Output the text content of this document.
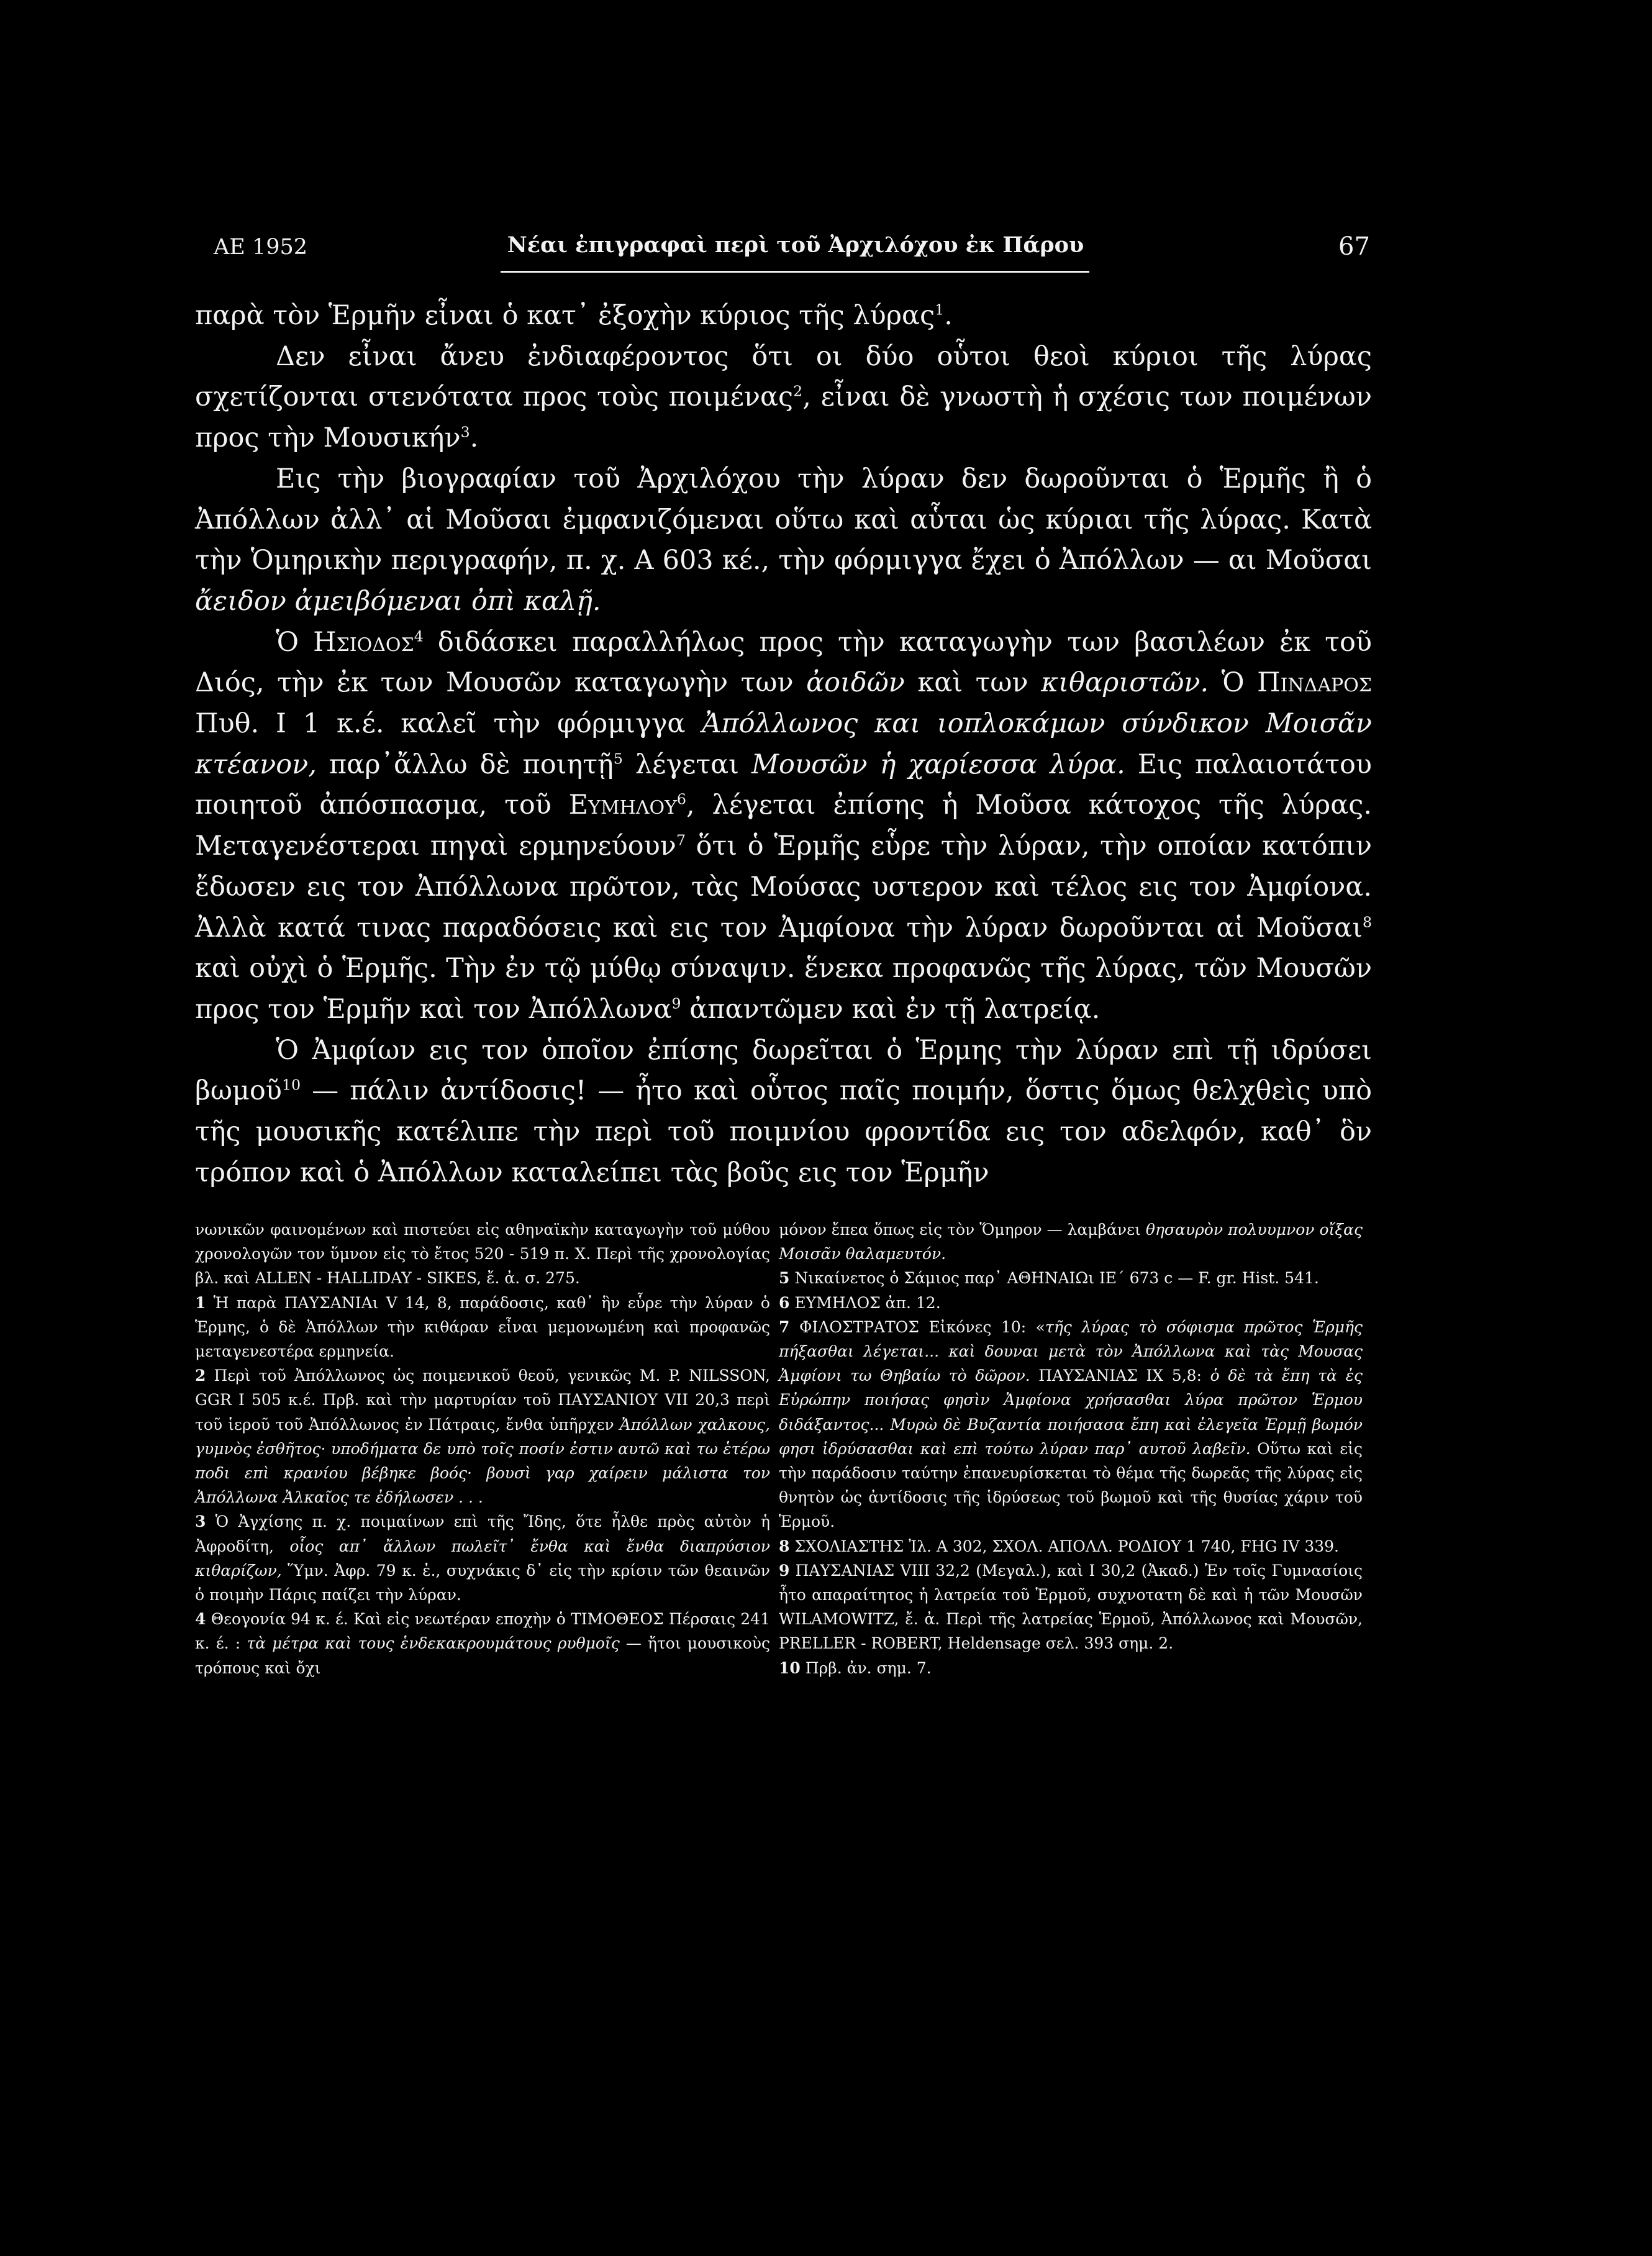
ΑΕ 1952	Νέαι ἐπιγραφαὶ περὶ τοῦ Ἀρχιλόχου ἐκ Πάρου	67

παρὰ τὸν Ἑρμῆν εἶναι ὁ κατ᾽ ἐξοχὴν κύριος τῆς λύρας$^1$.

Δεν εἶναι ἄνευ ἐνδιαφέροντος ὅτι οι δύο οὗτοι θεοὶ κύριοι τῆς λύρας σχετίζονται στενότατα προς τοὺς ποιμένας$^2$, εἶναι δὲ γνωστὴ ἡ σχέσις των ποιμένων προς τὴν Μουσικήν$^3$.

Εις τὴν βιογραφίαν τοῦ Ἀρχιλόχου τὴν λύραν δεν δωροῦνται ὁ Ἑρμῆς ἢ ὁ Ἀπόλλων ἀλλ᾽ αἱ Μοῦσαι ἐμφανιζόμεναι οὕτω καὶ αὗται ὡς κύριαι τῆς λύρας. Κατὰ τὴν Ὁμηρικὴν περιγραφήν, π. χ. Α 603 κέ., τὴν φόρμιγγα ἔχει ὁ Ἀπόλλων — αι Μοῦσαι ἄειδον ἀμειβόμεναι ὀπὶ καλῇ.

Ὁ Ησιοδος$^4$ διδάσκει παραλλήλως προς τὴν καταγωγὴν των βασιλέων ἐκ τοῦ Διός, τὴν ἐκ των Μουσῶν καταγωγὴν των ἀοιδῶν καὶ των κιθαριστῶν. Ὁ Πινδαρος Πυθ. Ι 1 κ.έ. καλεῖ τὴν φόρμιγγα Ἀπόλλωνος και ιοπλοκάμων σύνδικον Μοισᾶν κτέανον, παρ᾽ἄλλω δὲ ποιητῇ$^5$ λέγεται Μουσῶν ἡ χαρίεσσα λύρα. Εις παλαιοτάτου ποιητοῦ ἀπόσπασμα, τοῦ Ευμηλου$^6$, λέγεται ἐπίσης ἡ Μοῦσα κάτοχος τῆς λύρας. Μεταγενέστεραι πηγαὶ ερμηνεύουν$^7$ ὅτι ὁ Ἑρμῆς εὗρε τὴν λύραν, τὴν οποίαν κατόπιν ἔδωσεν εις τον Ἀπόλλωνα πρῶτον, τὰς Μούσας υστερον καὶ τέλος εις τον Ἀμφίονα. Ἀλλὰ κατά τινας παραδόσεις καὶ εις τον Ἀμφίονα τὴν λύραν δωροῦνται αἱ Μοῦσαι$^8$ καὶ οὐχὶ ὁ Ἑρμῆς. Τὴν ἐν τῷ μύθῳ σύναψιν. ἕνεκα προφανῶς τῆς λύρας, τῶν Μουσῶν προς τον Ἑρμῆν καὶ τον Ἀπόλλωνα$^9$ ἀπαντῶμεν καὶ ἐν τῇ λατρείᾳ.

Ὁ Ἀμφίων εις τον ὁποῖον ἐπίσης δωρεῖται ὁ Ἑρμης τὴν λύραν επὶ τῇ ιδρύσει βωμοῦ$^{10}$ — πάλιν ἀντίδοσις! — ἦτο καὶ οὗτος παῖς ποιμήν, ὅστις ὅμως θελχθεὶς υπὸ τῆς μουσικῆς κατέλιπε τὴν περὶ τοῦ ποιμνίου φροντίδα εις τον αδελφόν, καθ᾽ ὃν τρόπον καὶ ὁ Ἀπόλλων καταλείπει τὰς βοῦς εις τον Ἑρμῆν

νωνικῶν φαινομένων καὶ πιστεύει εἰς αθηναϊκὴν καταγωγὴν τοῦ μύθου χρονολογῶν τον ὕμνον εἰς τὸ ἔτος 520 - 519 π. Χ. Περὶ τῆς χρονολογίας βλ. καὶ ALLEN - HALLIDAY - SIKES, ἔ. ἀ. σ. 275.

1 Ἡ παρὰ ΠΑΥΣΑΝΙΑι V 14, 8, παράδοσις, καθ᾽ ἣν εὗρε τὴν λύραν ὁ Ἑρμης, ὁ δὲ Ἀπόλλων τὴν κιθάραν εἶναι μεμονωμένη καὶ προφανῶς μεταγενεστέρα ερμηνεία.

2 Περὶ τοῦ Ἀπόλλωνος ὡς ποιμενικοῦ θεοῦ, γενικῶς Μ. P. NILSSON, GGR I 505 κ.έ. Πρβ. καὶ τὴν μαρτυρίαν τοῦ ΠΑΥΣΑΝΙΟΥ VII 20,3 περὶ τοῦ ἱεροῦ τοῦ Ἀπόλλωνος ἐν Πάτραις, ἔνθα ὑπῆρχεν Ἀπόλλων χαλκους, γυμνὸς ἐσθῆτος· υποδήματα δε υπὸ τοῖς ποσίν ἐστιν αυτῶ καὶ τω ἑτέρω ποδι επὶ κρανίου βέβηκε βοός· βουσὶ γαρ χαίρειν μάλιστα τον Ἀπόλλωνα Ἀλκαῖος τε ἐδήλωσεν . . .

3 Ὁ Ἀγχίσης π. χ. ποιμαίνων επὶ τῆς Ἴδης, ὅτε ἦλθε πρὸς αὐτὸν ἡ Ἀφροδίτη, οἷος απ᾽ ἄλλων πωλεῖτ᾽ ἔνθα καὶ ἔνθα διαπρύσιον κιθαρίζων, Ὕμν. Ἀφρ. 79 κ. ἑ., συχνάκις δ᾽ εἰς τὴν κρίσιν τῶν θεαινῶν ὁ ποιμὴν Πάρις παίζει τὴν λύραν.

4 Θεογονία 94 κ. έ. Καὶ εἰς νεωτέραν εποχὴν ὁ ΤΙΜΟΘΕΟΣ Πέρσαις 241 κ. έ. : τὰ μέτρα καὶ τους ἑνδεκακρουμάτους ρυθμοῖς — ἤτοι μουσικοὺς τρόπους καὶ ὄχι

μόνον ἔπεα ὅπως εἰς τὸν Ὅμηρον — λαμβάνει θησαυρὸν πολυυμνον οἴξας Μοισᾶν θαλαμευτόν.

5 Νικαίνετος ὁ Σάμιος παρ᾽ ΑΘΗΝΑΙΩι ΙΕ΄ 673 c — F. gr. Hist. 541.

6 ΕΥΜΗΛΟΣ ἀπ. 12.

7 ΦΙΛΟΣΤΡΑΤΟΣ Εἰκόνες 10: «τῆς λύρας τὸ σόφισμα πρῶτος Ἑρμῆς πήξασθαι λέγεται... καὶ δουναι μετὰ τὸν Ἀπόλλωνα καὶ τὰς Μουσας Ἀμφίονι τω Θηβαίω τὸ δῶρον. ΠΑΥΣΑΝΙΑΣ IX 5,8: ὁ δὲ τὰ ἔπη τὰ ἐς Εὐρώπην ποιήσας φησὶν Ἀμφίονα χρήσασθαι λύρα πρῶτον Ἑρμου διδάξαντος... Μυρὼ δὲ Βυζαντία ποιήσασα ἔπη καὶ ἐλεγεῖα Ἑρμῇ βωμόν φησι ἱδρύσασθαι καὶ επὶ τούτω λύραν παρ᾽ αυτοῦ λαβεῖν. Οὕτω καὶ εἰς τὴν παράδοσιν ταύτην ἐπανευρίσκεται τὸ θέμα τῆς δωρεᾶς τῆς λύρας εἰς θνητὸν ὡς ἀντίδοσις τῆς ἱδρύσεως τοῦ βωμοῦ καὶ τῆς θυσίας χάριν τοῦ Ἑρμοῦ.

8 ΣΧΟΛΙΑΣΤΗΣ Ἰλ. Α 302, ΣΧΟΛ. ΑΠΟΛΛ. ΡΟΔΙΟΥ 1 740, FHG IV 339.

9 ΠΑΥΣΑΝΙΑΣ VIII 32,2 (Μεγαλ.), καὶ I 30,2 (Ἀκαδ.) Ἐν τοῖς Γυμνασίοις ἦτο απαραίτητος ἡ λατρεία τοῦ Ἑρμοῦ, συχνοτατη δὲ καὶ ἡ τῶν Μουσῶν WILAMOWITZ, ἔ. ἀ. Περὶ τῆς λατρείας Ἑρμοῦ, Ἀπόλλωνος καὶ Μουσῶν, PRELLER - ROBERT, Heldensage σελ. 393 σημ. 2.

10 Πρβ. ἀν. σημ. 7.
